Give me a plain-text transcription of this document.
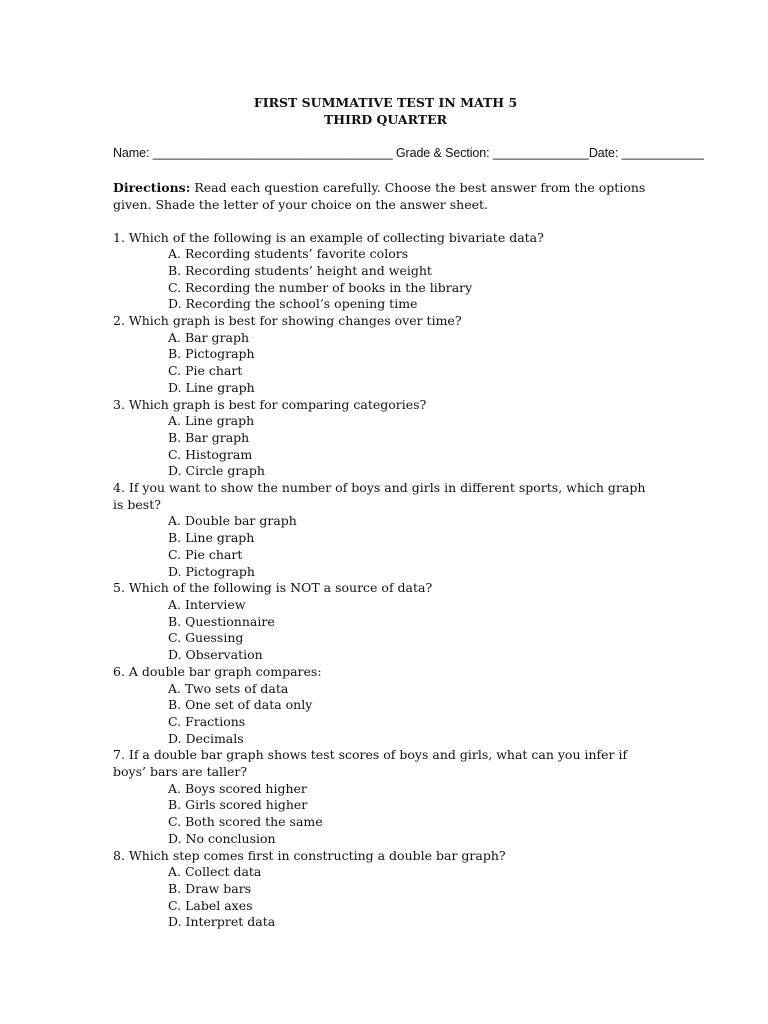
FIRST SUMMATIVE TEST IN MATH 5

THIRD QUARTER

Name: ___________________________________ Grade & Section: ______________Date: ____________
Directions: Read each question carefully. Choose the best answer from the options given. Shade the letter of your choice on the answer sheet.

1. Which of the following is an example of collecting bivariate data?

A. Recording students’ favorite colors

B. Recording students’ height and weight

C. Recording the number of books in the library

D. Recording the school’s opening time

2. Which graph is best for showing changes over time?

A. Bar graph

B. Pictograph

C. Pie chart

D. Line graph

3. Which graph is best for comparing categories?

A. Line graph

B. Bar graph

C. Histogram

D. Circle graph

4. If you want to show the number of boys and girls in different sports, which graph is best?

A. Double bar graph

B. Line graph

C. Pie chart

D. Pictograph

5. Which of the following is NOT a source of data?

A. Interview

B. Questionnaire

C. Guessing

D. Observation

6. A double bar graph compares:

A. Two sets of data

B. One set of data only

C. Fractions

D. Decimals

7. If a double bar graph shows test scores of boys and girls, what can you infer if boys’ bars are taller?

A. Boys scored higher

B. Girls scored higher

C. Both scored the same

D. No conclusion

8. Which step comes first in constructing a double bar graph?

A. Collect data

B. Draw bars

C. Label axes

D. Interpret data
